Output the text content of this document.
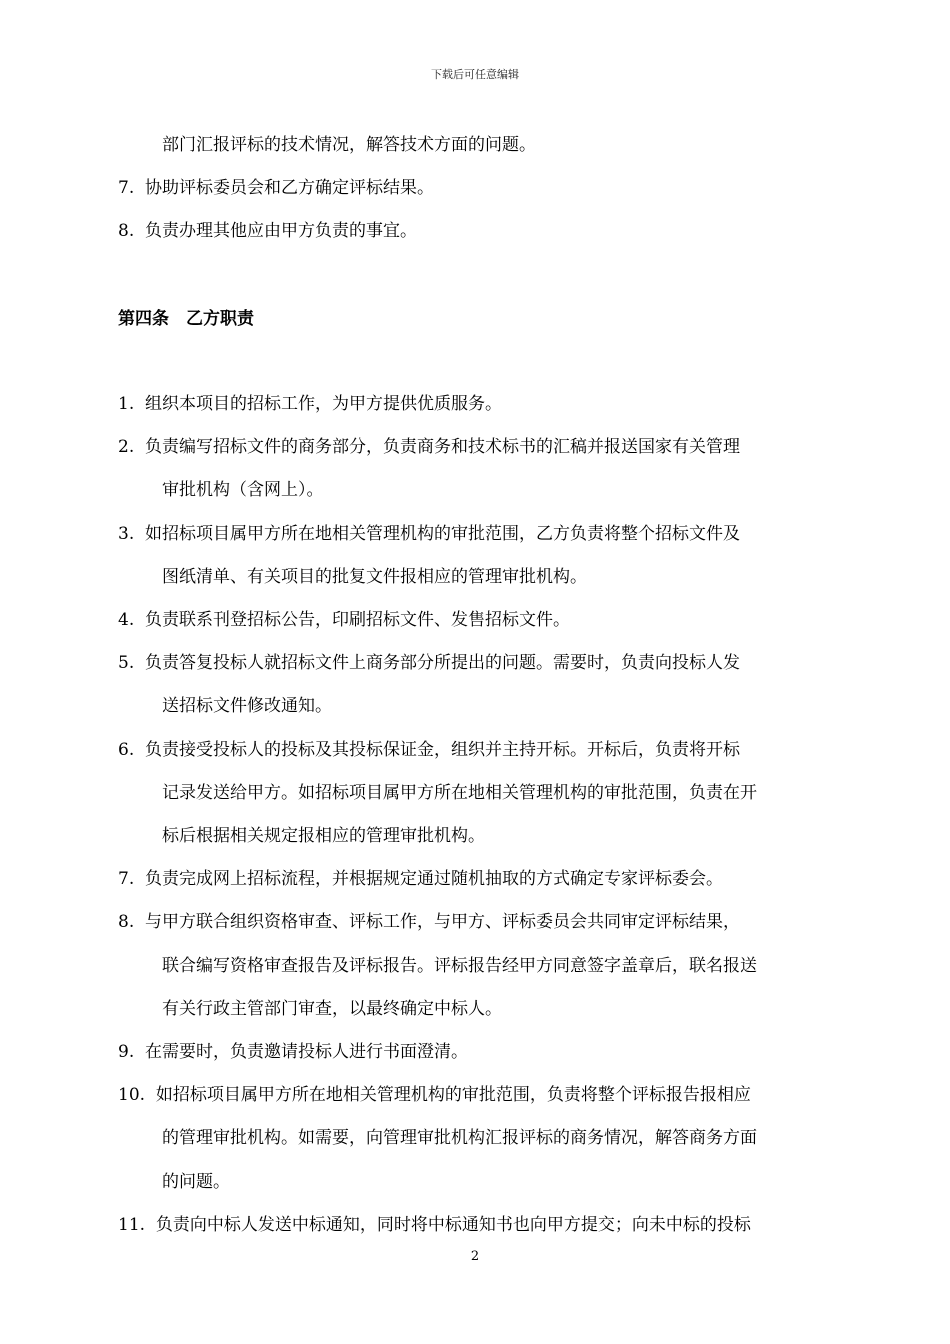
下载后可任意编辑
部门汇报评标的技术情况，解答技术方面的问题。
7. 协助评标委员会和乙方确定评标结果。
8. 负责办理其他应由甲方负责的事宜。
第四条　乙方职责
1. 组织本项目的招标工作，为甲方提供优质服务。
2. 负责编写招标文件的商务部分，负责商务和技术标书的汇稿并报送国家有关管理
审批机构（含网上）。
3. 如招标项目属甲方所在地相关管理机构的审批范围，乙方负责将整个招标文件及
图纸清单、有关项目的批复文件报相应的管理审批机构。
4. 负责联系刊登招标公告，印刷招标文件、发售招标文件。
5. 负责答复投标人就招标文件上商务部分所提出的问题。需要时，负责向投标人发
送招标文件修改通知。
6. 负责接受投标人的投标及其投标保证金，组织并主持开标。开标后，负责将开标
记录发送给甲方。如招标项目属甲方所在地相关管理机构的审批范围，负责在开
标后根据相关规定报相应的管理审批机构。
7. 负责完成网上招标流程，并根据规定通过随机抽取的方式确定专家评标委会。
8. 与甲方联合组织资格审查、评标工作，与甲方、评标委员会共同审定评标结果，
联合编写资格审查报告及评标报告。评标报告经甲方同意签字盖章后，联名报送
有关行政主管部门审查，以最终确定中标人。
9. 在需要时，负责邀请投标人进行书面澄清。
10. 如招标项目属甲方所在地相关管理机构的审批范围，负责将整个评标报告报相应
的管理审批机构。如需要，向管理审批机构汇报评标的商务情况，解答商务方面
的问题。
11. 负责向中标人发送中标通知，同时将中标通知书也向甲方提交；向未中标的投标
2
